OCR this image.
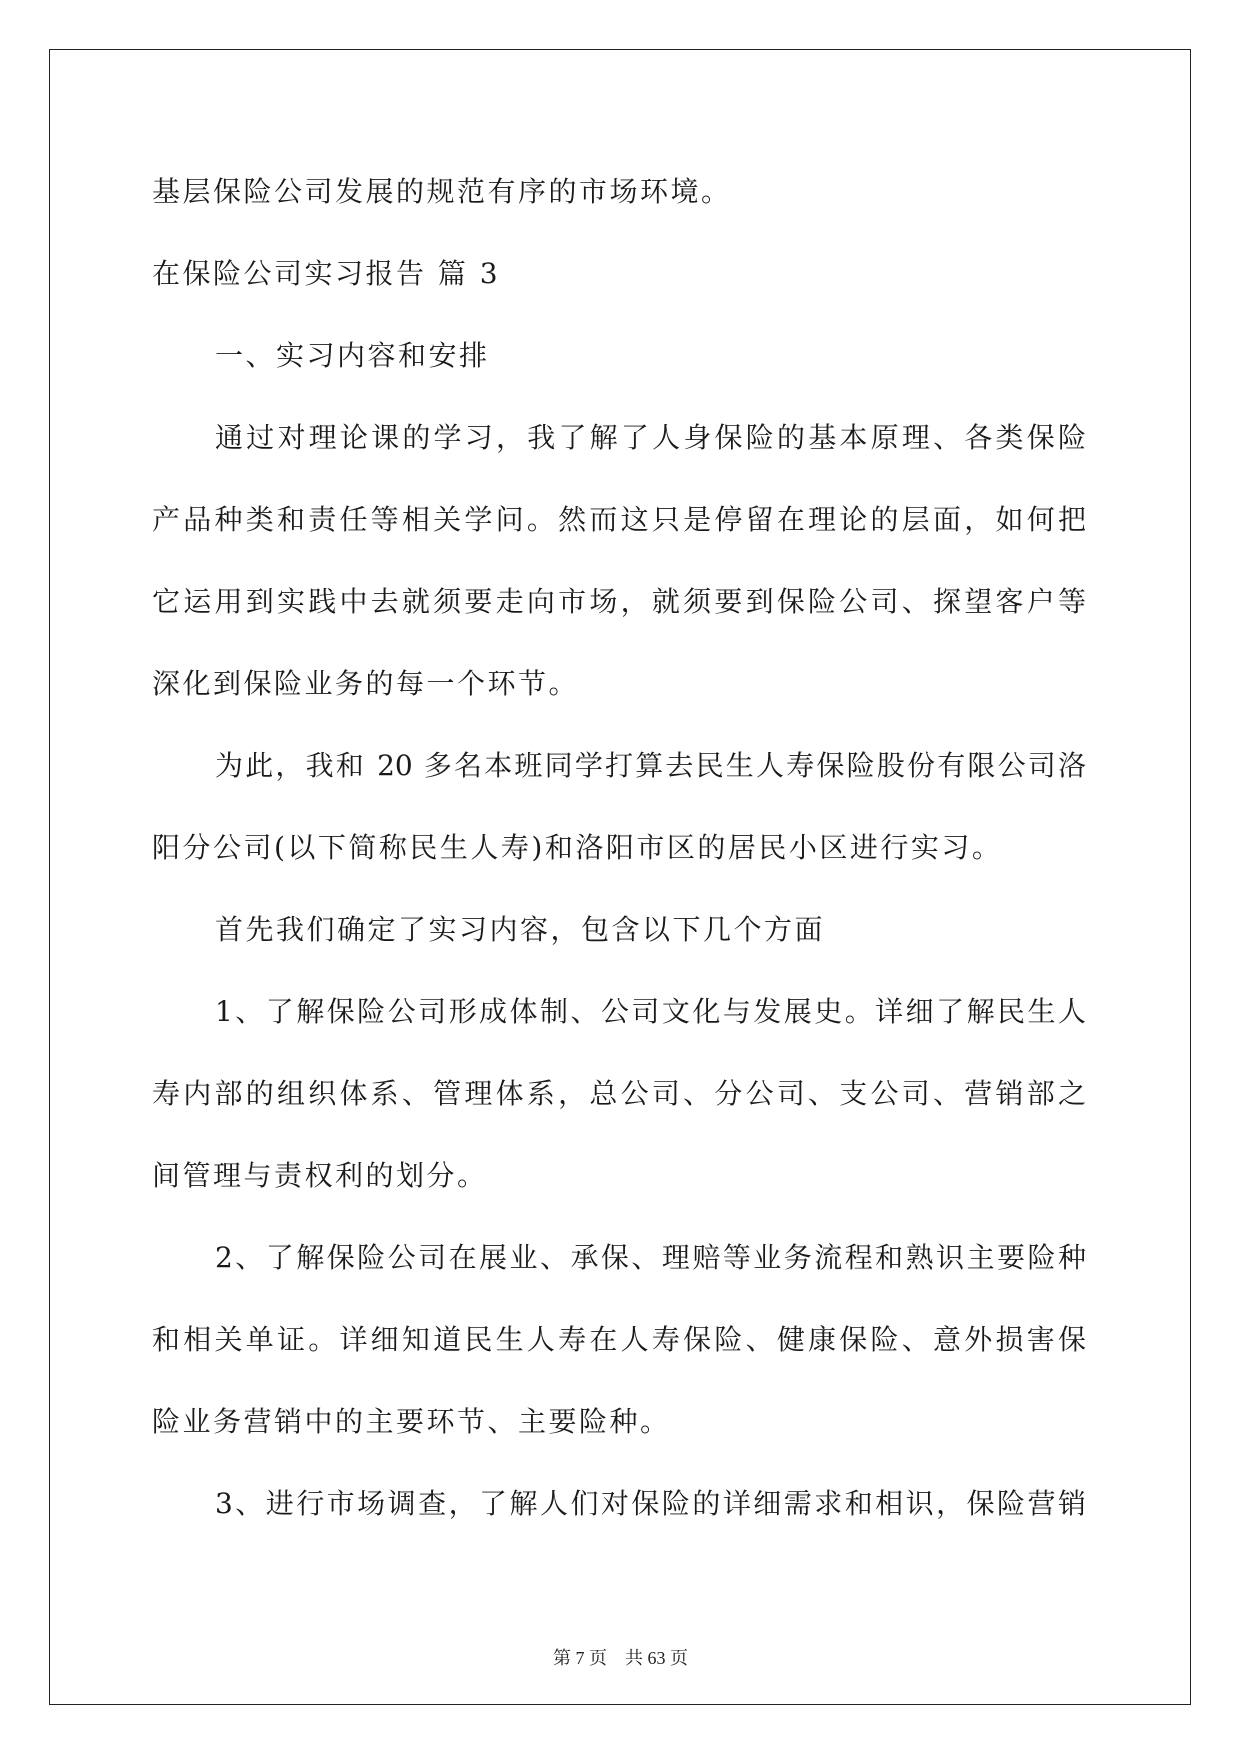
基层保险公司发展的规范有序的市场环境。
在保险公司实习报告 篇 3
一、实习内容和安排
通过对理论课的学习，我了解了人身保险的基本原理、各类保险
产品种类和责任等相关学问。然而这只是停留在理论的层面，如何把
它运用到实践中去就须要走向市场，就须要到保险公司、探望客户等
深化到保险业务的每一个环节。
为此，我和 20 多名本班同学打算去民生人寿保险股份有限公司洛
阳分公司(以下简称民生人寿)和洛阳市区的居民小区进行实习。
首先我们确定了实习内容，包含以下几个方面
1、了解保险公司形成体制、公司文化与发展史。详细了解民生人
寿内部的组织体系、管理体系，总公司、分公司、支公司、营销部之
间管理与责权利的划分。
2、了解保险公司在展业、承保、理赔等业务流程和熟识主要险种
和相关单证。详细知道民生人寿在人寿保险、健康保险、意外损害保
险业务营销中的主要环节、主要险种。
3、进行市场调查，了解人们对保险的详细需求和相识，保险营销
第 7 页    共 63 页
